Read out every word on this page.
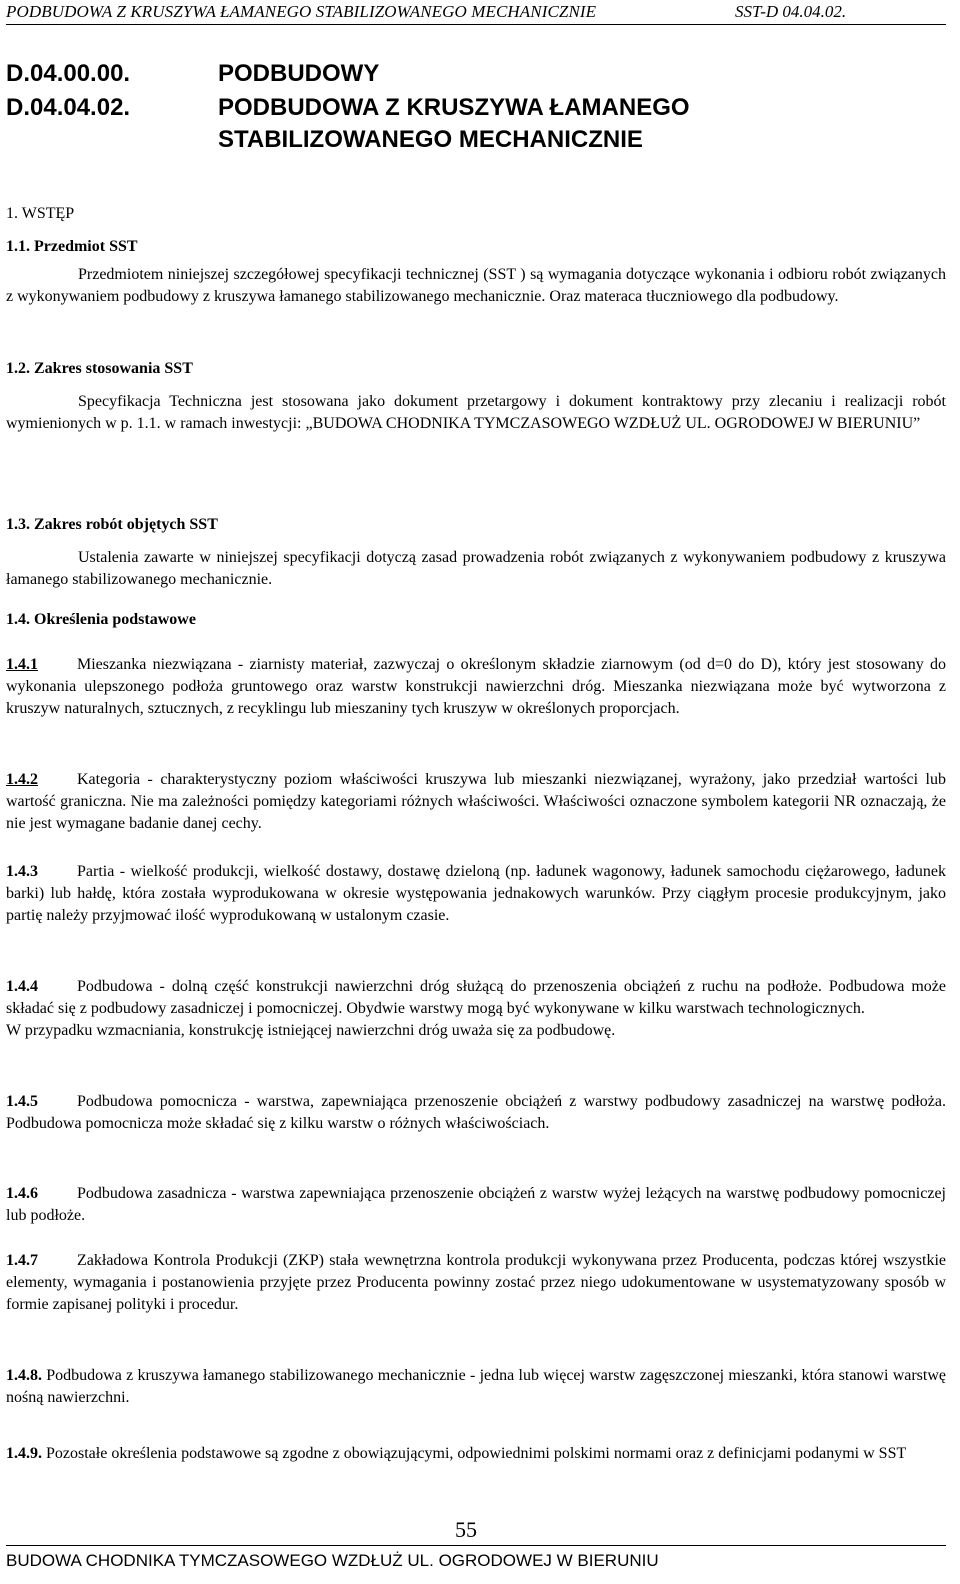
PODBUDOWA Z KRUSZYWA ŁAMANEGO STABILIZOWANEGO MECHANICZNIE	SST-D 04.04.02.
D.04.00.00.	PODBUDOWY
D.04.04.02.	PODBUDOWA Z KRUSZYWA ŁAMANEGO
STABILIZOWANEGO MECHANICZNIE
1. WSTĘP
1.1. Przedmiot SST
Przedmiotem niniejszej szczegółowej specyfikacji technicznej (SST ) są wymagania dotyczące wykonania i odbioru robót związanych z wykonywaniem podbudowy z kruszywa łamanego stabilizowanego mechanicznie. Oraz materaca tłuczniowego dla podbudowy.
1.2. Zakres stosowania SST
Specyfikacja Techniczna jest stosowana jako dokument przetargowy i dokument kontraktowy przy zlecaniu i realizacji robót wymienionych w p. 1.1. w ramach inwestycji: „BUDOWA CHODNIKA TYMCZASOWEGO WZDŁUŻ UL. OGRODOWEJ W BIERUNIU”
1.3. Zakres robót objętych SST
Ustalenia zawarte w niniejszej specyfikacji dotyczą zasad prowadzenia robót związanych z wykonywaniem podbudowy z kruszywa łamanego stabilizowanego mechanicznie.
1.4. Określenia podstawowe
1.4.1 Mieszanka niezwiązana - ziarnisty materiał, zazwyczaj o określonym składzie ziarnowym (od d=0 do D), który jest stosowany do wykonania ulepszonego podłoża gruntowego oraz warstw konstrukcji nawierzchni dróg. Mieszanka niezwiązana może być wytworzona z kruszyw naturalnych, sztucznych, z recyklingu lub mieszaniny tych kruszyw w określonych proporcjach.
1.4.2 Kategoria - charakterystyczny poziom właściwości kruszywa lub mieszanki niezwiązanej, wyrażony, jako przedział wartości lub wartość graniczna. Nie ma zależności pomiędzy kategoriami różnych właściwości. Właściwości oznaczone symbolem kategorii NR oznaczają, że nie jest wymagane badanie danej cechy.
1.4.3 Partia - wielkość produkcji, wielkość dostawy, dostawę dzieloną (np. ładunek wagonowy, ładunek samochodu ciężarowego, ładunek barki) lub hałdę, która została wyprodukowana w okresie występowania jednakowych warunków. Przy ciągłym procesie produkcyjnym, jako partię należy przyjmować ilość wyprodukowaną w ustalonym czasie.
1.4.4 Podbudowa - dolną część konstrukcji nawierzchni dróg służącą do przenoszenia obciążeń z ruchu na podłoże. Podbudowa może składać się z podbudowy zasadniczej i pomocniczej. Obydwie warstwy mogą być wykonywane w kilku warstwach technologicznych.
W przypadku wzmacniania, konstrukcję istniejącej nawierzchni dróg uważa się za podbudowę.
1.4.5 Podbudowa pomocnicza - warstwa, zapewniająca przenoszenie obciążeń z warstwy podbudowy zasadniczej na warstwę podłoża. Podbudowa pomocnicza może składać się z kilku warstw o różnych właściwościach.
1.4.6 Podbudowa zasadnicza - warstwa zapewniająca przenoszenie obciążeń z warstw wyżej leżących na warstwę podbudowy pomocniczej lub podłoże.
1.4.7 Zakładowa Kontrola Produkcji (ZKP) stała wewnętrzna kontrola produkcji wykonywana przez Producenta, podczas której wszystkie elementy, wymagania i postanowienia przyjęte przez Producenta powinny zostać przez niego udokumentowane w usystematyzowany sposób w formie zapisanej polityki i procedur.
1.4.8. Podbudowa z kruszywa łamanego stabilizowanego mechanicznie - jedna lub więcej warstw zagęszczonej mieszanki, która stanowi warstwę nośną nawierzchni.
1.4.9. Pozostałe określenia podstawowe są zgodne z obowiązującymi, odpowiednimi polskimi normami oraz z definicjami podanymi w SST
55
BUDOWA CHODNIKA TYMCZASOWEGO WZDŁUŻ UL. OGRODOWEJ W BIERUNIU
